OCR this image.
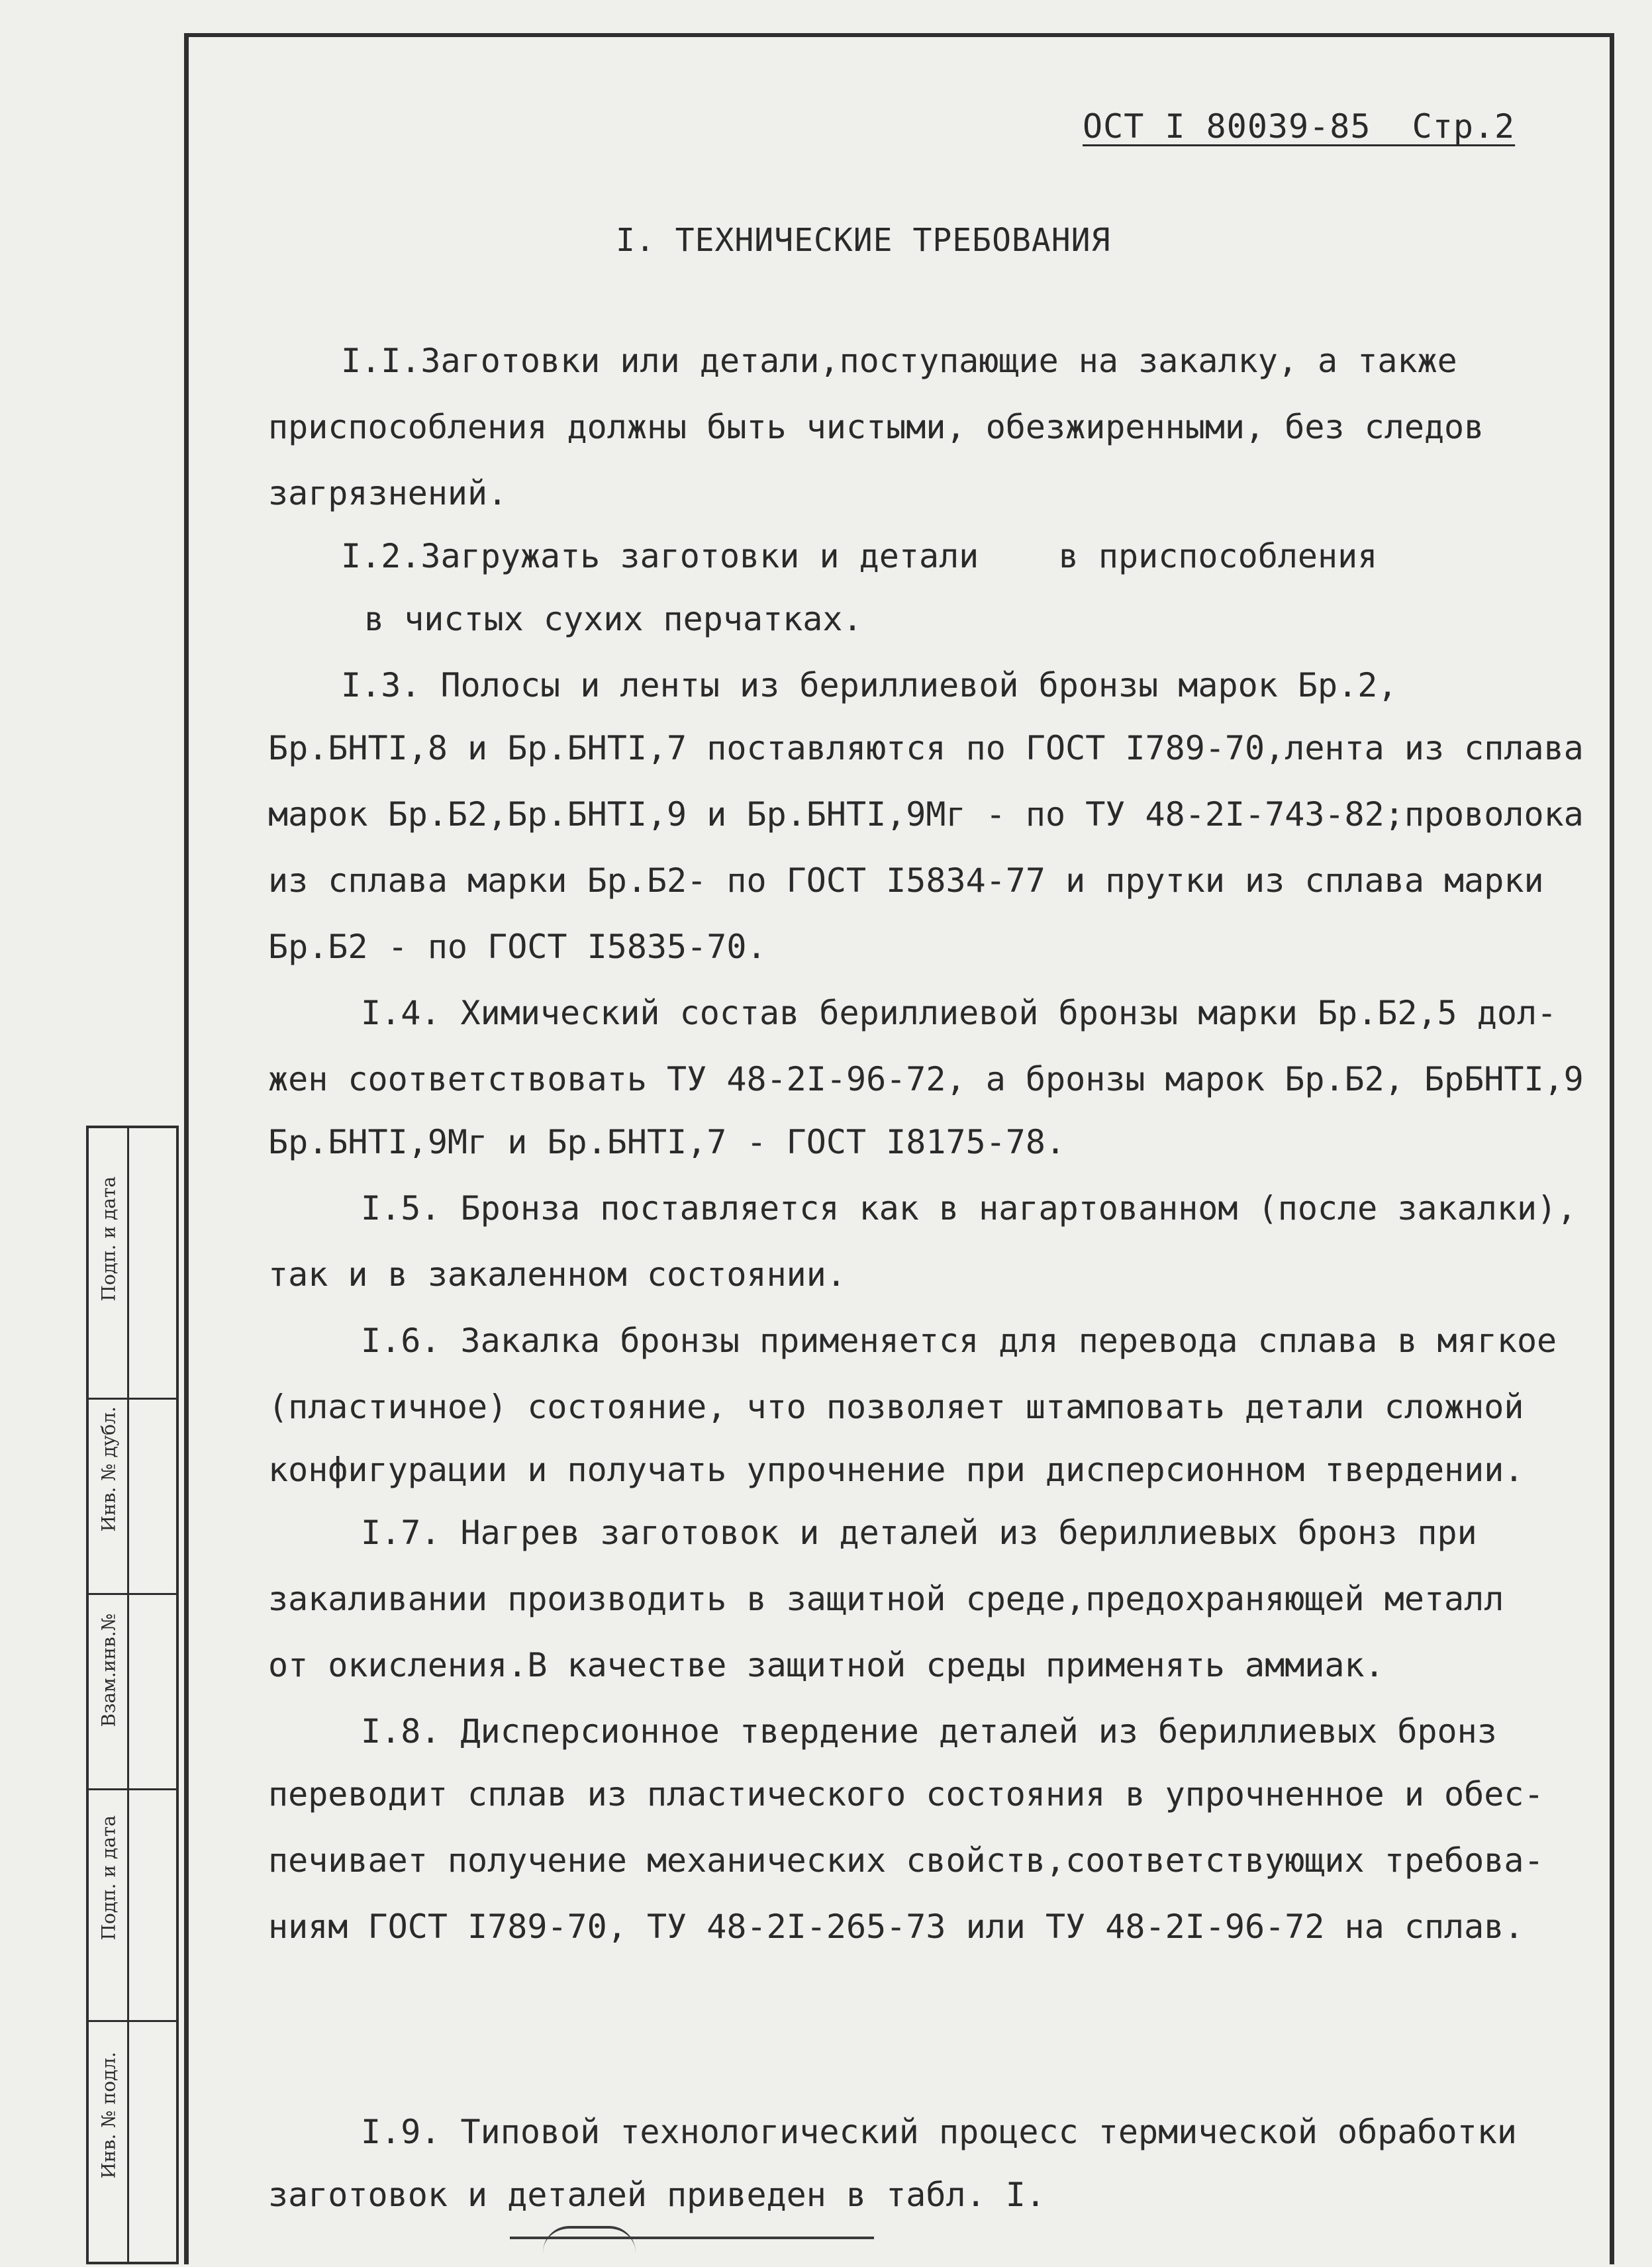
ОСТ I 80039-85  Стр.2
I. ТЕХНИЧЕСКИЕ ТРЕБОВАНИЯ
I.I.Заготовки или детали,поступающие на закалку, а также
приспособления должны быть чистыми, обезжиренными, без следов
загрязнений.
I.2.Загружать заготовки и детали    в приспособления
в чистых сухих перчатках.
I.3. Полосы и ленты из бериллиевой бронзы марок Бр.2,
Бр.БНТI,8 и Бр.БНТI,7 поставляются по ГОСТ I789-70,лента из сплава
марок Бр.Б2,Бр.БНТI,9 и Бр.БНТI,9Мг - по ТУ 48-2I-743-82;проволока
из сплава марки Бр.Б2- по ГОСТ I5834-77 и прутки из сплава марки
Бр.Б2 - по ГОСТ I5835-70.
I.4. Химический состав бериллиевой бронзы марки Бр.Б2,5 дол-
жен соответствовать ТУ 48-2I-96-72, а бронзы марок Бр.Б2, БрБНТI,9
Бр.БНТI,9Мг и Бр.БНТI,7 - ГОСТ I8175-78.
I.5. Бронза поставляется как в нагартованном (после закалки),
так и в закаленном состоянии.
I.6. Закалка бронзы применяется для перевода сплава в мягкое
(пластичное) состояние, что позволяет штамповать детали сложной
конфигурации и получать упрочнение при дисперсионном твердении.
I.7. Нагрев заготовок и деталей из бериллиевых бронз при
закаливании производить в защитной среде,предохраняющей металл
от окисления.В качестве защитной среды применять аммиак.
I.8. Дисперсионное твердение деталей из бериллиевых бронз
переводит сплав из пластического состояния в упрочненное и обес-
печивает получение механических свойств,соответствующих требова-
ниям ГОСТ I789-70, ТУ 48-2I-265-73 или ТУ 48-2I-96-72 на сплав.
I.9. Типовой технологический процесс термической обработки
заготовок и деталей приведен в табл. I.
Подп. и дата
Инв. № дубл.
Взам.инв.№
Подп. и дата
Инв. № подл.
